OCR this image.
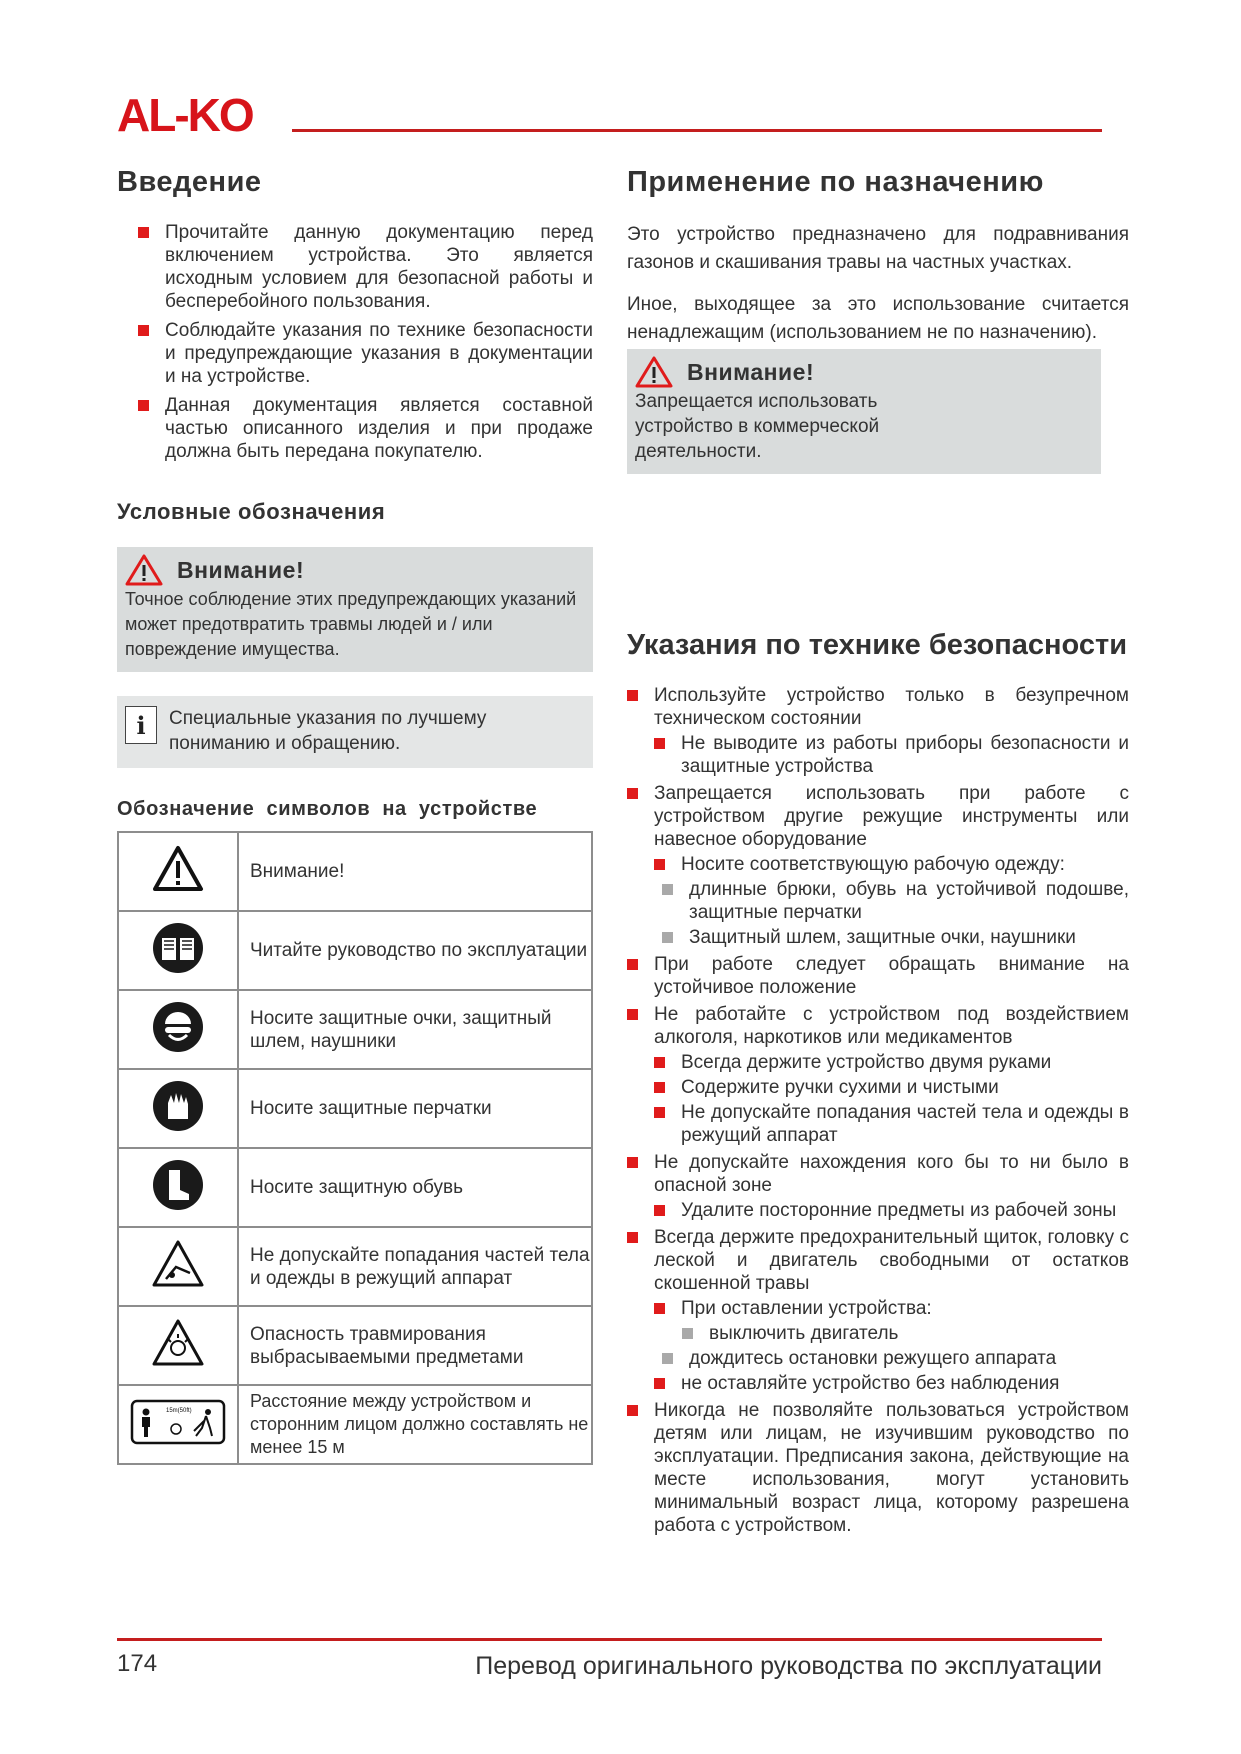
AL-KO
Введение
Прочитайте данную документацию перед включением устройства. Это является исходным условием для безопасной работы и бесперебойного пользования.
Соблюдайте указания по технике безопасности и предупреждающие указания в документации и на устройстве.
Данная документация является составной частью описанного изделия и при продаже должна быть передана покупателю.
Условные обозначения
Внимание!
Точное соблюдение этих предупреждающих указаний может предотвратить травмы людей и / или повреждение имущества.
i	Специальные указания по лучшему пониманию и обращению.
Обозначение символов на устройстве
	Внимание!
	Читайте руководство по эксплуатации
	Носите защитные очки, защитный шлем, наушники
	Носите защитные перчатки
	Носите защитную обувь
	Не допускайте попадания частей тела и одежды в режущий аппарат
	Опасность травмирования выбрасываемыми предметами

15m(50ft)	Расстояние между устройством и сторонним лицом должно составлять не менее 15 м
Применение по назначению

Это устройство предназначено для подравнивания газонов и скашивания травы на частных участках.

Иное, выходящее за это использование считается ненадлежащим (использованием не по назначению).

Внимание!
Запрещается использовать устройство в коммерческой деятельности.
Указания по технике безопасности
Используйте устройство только в безупречном техническом состоянии
Не выводите из работы приборы безопасности и защитные устройства
Запрещается использовать при работе с устройством другие режущие инструменты или навесное оборудование
Носите соответствующую рабочую одежду:
длинные брюки, обувь на устойчивой подошве, защитные перчатки
Защитный шлем, защитные очки, наушники
При работе следует обращать внимание на устойчивое положение
Не работайте с устройством под воздействием алкоголя, наркотиков или медикаментов
Всегда держите устройство двумя руками
Содержите ручки сухими и чистыми
Не допускайте попадания частей тела и одежды в режущий аппарат
Не допускайте нахождения кого бы то ни было в опасной зоне
Удалите посторонние предметы из рабочей зоны
Всегда держите предохранительный щиток, головку с леской и двигатель свободными от остатков скошенной травы
При оставлении устройства:
выключить двигатель
дождитесь остановки режущего аппарата
не оставляйте устройство без наблюдения
Никогда не позволяйте пользоваться устройством детям или лицам, не изучившим руководство по эксплуатации. Предписания закона, действующие на месте использования, могут установить минимальный возраст лица, которому разрешена работа с устройством.
174	Перевод оригинального руководства по эксплуатации
